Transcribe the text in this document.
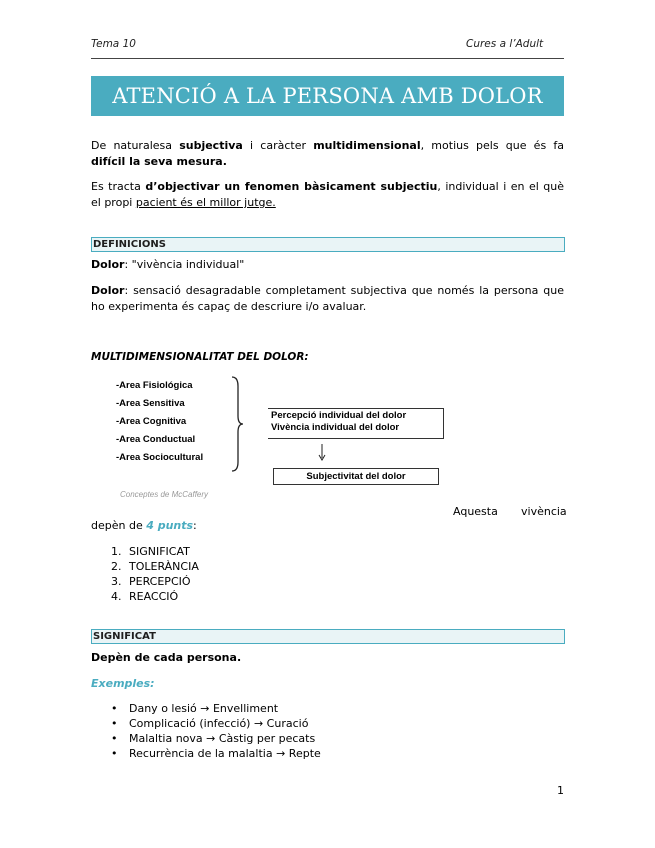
Tema 10	Cures a l’Adult
ATENCIÓ A LA PERSONA AMB DOLOR
De naturalesa subjectiva i caràcter multidimensional, motius pels que és fa difícil la seva mesura.
Es tracta d’objectivar un fenomen bàsicament subjectiu, individual i en el què el propi pacient és el millor jutge.
DEFINICIONS
Dolor: "vivència individual"
Dolor: sensació desagradable completament subjectiva que només la persona que ho experimenta és capaç de descriure i/o avaluar.
MULTIDIMENSIONALITAT DEL DOLOR:
-Area Fisiológica
-Area Sensitiva
-Area Cognitiva
-Area Conductual
-Area Sociocultural
Percepció individual del dolor
Vivència individual del dolor
Subjectivitat del dolor
Conceptes de McCaffery
Aquesta vivència
depèn de 4 punts:
1. SIGNIFICAT
2. TOLERÀNCIA
3. PERCEPCIÓ
4. REACCIÓ
SIGNIFICAT
Depèn de cada persona.
Exemples:
• Dany o lesió → Envelliment
• Complicació (infecció) → Curació
• Malaltia nova → Càstig per pecats
• Recurrència de la malaltia → Repte
1
